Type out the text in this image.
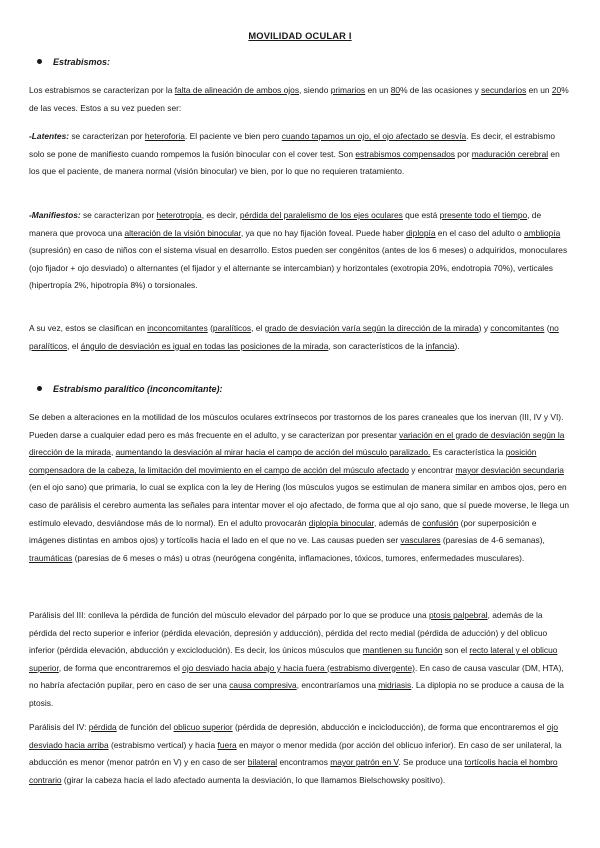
MOVILIDAD OCULAR I
Estrabismos:

Los estrabismos se caracterizan por la falta de alineación de ambos ojos, siendo primarios en un 80% de las ocasiones y secundarios en un 20% de las veces. Estos a su vez pueden ser:

-Latentes: se caracterizan por heteroforia. El paciente ve bien pero cuando tapamos un ojo, el ojo afectado se desvía. Es decir, el estrabismo solo se pone de manifiesto cuando rompemos la fusión binocular con el cover test. Son estrabismos compensados por maduración cerebral en los que el paciente, de manera normal (visión binocular) ve bien, por lo que no requieren tratamiento.

-Manifiestos: se caracterizan por heterotropía, es decir, pérdida del paralelismo de los ejes oculares que está presente todo el tiempo, de manera que provoca una alteración de la visión binocular, ya que no hay fijación foveal. Puede haber diplopía en el caso del adulto o ambliopía (supresión) en caso de niños con el sistema visual en desarrollo. Estos pueden ser congénitos (antes de los 6 meses) o adquiridos, monoculares (ojo fijador + ojo desviado) o alternantes (el fijador y el alternante se intercambian) y horizontales (exotropia 20%, endotropia 70%), verticales (hipertropía 2%, hipotropía 8%) o torsionales.

A su vez, estos se clasifican en inconcomitantes (paralíticos, el grado de desviación varía según la dirección de la mirada) y concomitantes (no paralíticos, el ángulo de desviación es igual en todas las posiciones de la mirada, son característicos de la infancia).

Estrabismo paralítico (inconcomitante):

Se deben a alteraciones en la motilidad de los músculos oculares extrínsecos por trastornos de los pares craneales que los inervan (III, IV y VI). Pueden darse a cualquier edad pero es más frecuente en el adulto, y se caracterizan por presentar variación en el grado de desviación según la dirección de la mirada, aumentando la desviación al mirar hacia el campo de acción del músculo paralizado. Es característica la posición compensadora de la cabeza, la limitación del movimiento en el campo de acción del músculo afectado y encontrar mayor desviación secundaria (en el ojo sano) que primaria, lo cual se explica con la ley de Hering (los músculos yugos se estimulan de manera similar en ambos ojos, pero en caso de parálisis el cerebro aumenta las señales para intentar mover el ojo afectado, de forma que al ojo sano, que sí puede moverse, le llega un estímulo elevado, desviándose más de lo normal). En el adulto provocarán diplopía binocular, además de confusión (por superposición e imágenes distintas en ambos ojos) y tortícolis hacia el lado en el que no ve. Las causas pueden ser vasculares (paresias de 4-6 semanas), traumáticas (paresias de 6 meses o más) u otras (neurógena congénita, inflamaciones, tóxicos, tumores, enfermedades musculares).

Parálisis del III: conlleva la pérdida de función del músculo elevador del párpado por lo que se produce una ptosis palpebral, además de la pérdida del recto superior e inferior (pérdida elevación, depresión y adducción), pérdida del recto medial (pérdida de aducción) y del oblicuo inferior (pérdida elevación, abducción y exciclodución). Es decir, los únicos músculos que mantienen su función son el recto lateral y el oblicuo superior, de forma que encontraremos el ojo desviado hacia abajo y hacia fuera (estrabismo divergente). En caso de causa vascular (DM, HTA), no habría afectación pupilar, pero en caso de ser una causa compresiva, encontraríamos una midriasis. La diplopia no se produce a causa de la ptosis.

Parálisis del IV: pérdida de función del oblicuo superior (pérdida de depresión, abducción e incicloducción), de forma que encontraremos el ojo desviado hacia arriba (estrabismo vertical) y hacia fuera en mayor o menor medida (por acción del oblicuo inferior). En caso de ser unilateral, la abducción es menor (menor patrón en V) y en caso de ser bilateral encontramos mayor patrón en V. Se produce una tortícolis hacia el hombro contrario (girar la cabeza hacia el lado afectado aumenta la desviación, lo que llamamos Bielschowsky positivo).
